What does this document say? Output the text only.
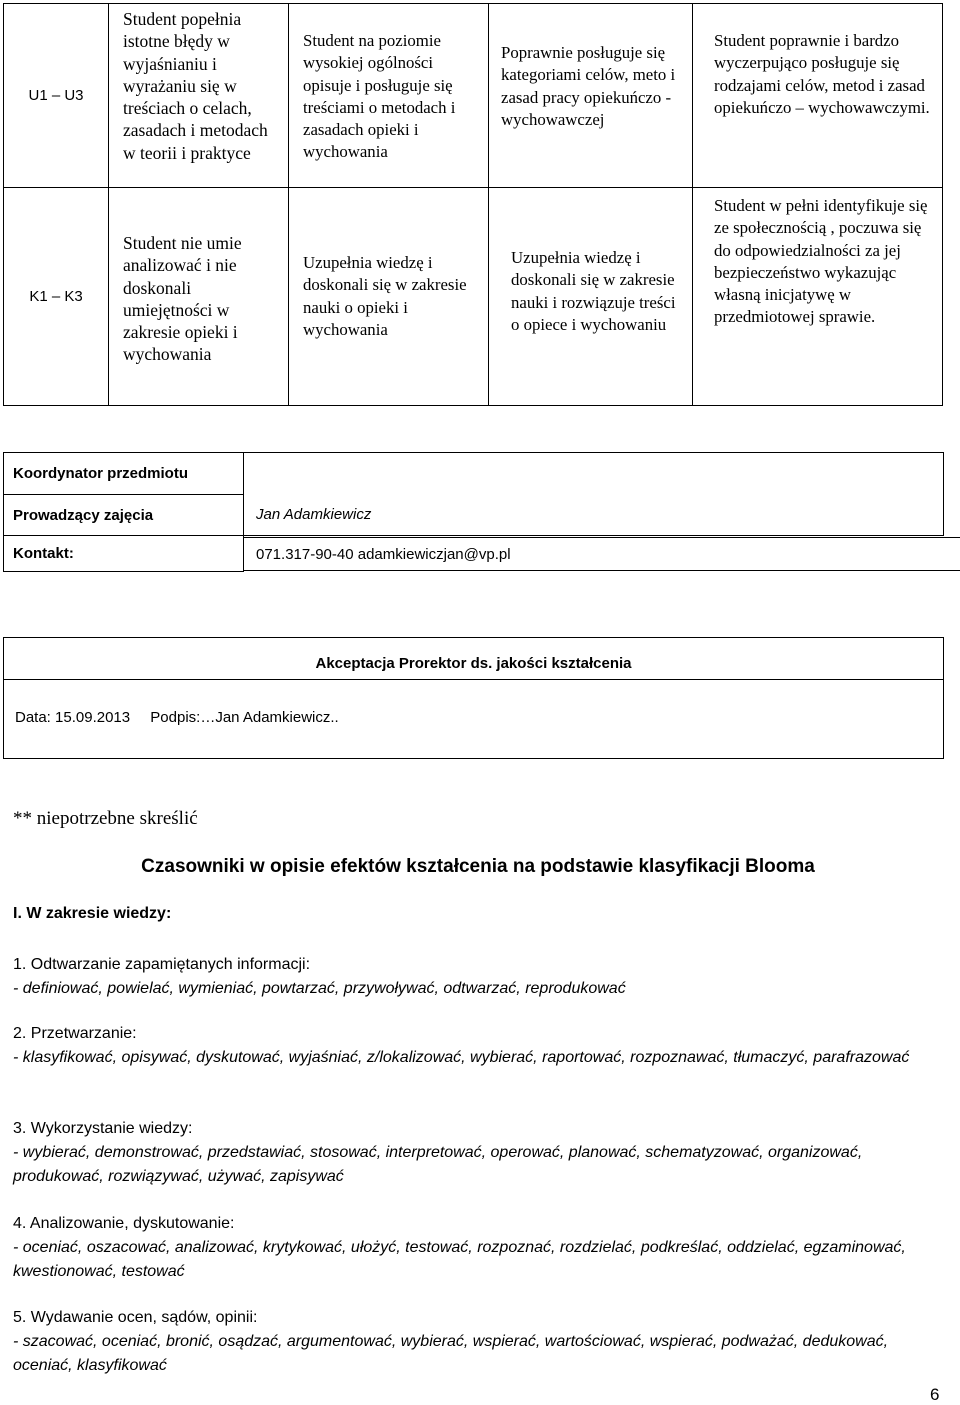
U1 – U3
Student popełnia istotne błędy w wyjaśnianiu i wyrażaniu się w treściach o celach, zasadach i metodach w teorii i praktyce
Student na poziomie wysokiej ogólności opisuje i posługuje się treściami o metodach i zasadach opieki i wychowania
Poprawnie posługuje się kategoriami celów, meto i zasad pracy opiekuńczo - wychowawczej
Student poprawnie i bardzo wyczerpująco posługuje się rodzajami celów, metod i zasad opiekuńczo – wychowawczymi.
K1 – K3
Student nie umie analizować i nie doskonali umiejętności w zakresie opieki i wychowania
Uzupełnia wiedzę i doskonali się w zakresie nauki o opieki i wychowania
Uzupełnia wiedzę i doskonali się w zakresie nauki i rozwiązuje treści o opiece i wychowaniu
Student w pełni identyfikuje się ze społecznością , poczuwa się do odpowiedzialności za jej bezpieczeństwo wykazując własną inicjatywę w przedmiotowej sprawie.
Koordynator przedmiotu
Prowadzący zajęcia
Kontakt:
Jan Adamkiewicz
071.317-90-40 adamkiewiczjan@vp.pl
Akceptacja Prorektor ds. jakości kształcenia
Data: 15.09.2013 Podpis:…Jan Adamkiewicz..
** niepotrzebne skreślić
Czasowniki w opisie efektów kształcenia na podstawie klasyfikacji Blooma
I. W zakresie wiedzy:
1. Odtwarzanie zapamiętanych informacji:
- definiować, powielać, wymieniać, powtarzać, przywoływać, odtwarzać, reprodukować
2. Przetwarzanie:
- klasyfikować, opisywać, dyskutować, wyjaśniać, z/lokalizować, wybierać, raportować, rozpoznawać, tłumaczyć, parafrazować
3. Wykorzystanie wiedzy:
- wybierać, demonstrować, przedstawiać, stosować, interpretować, operować, planować, schematyzować, organizować, produkować, rozwiązywać, używać, zapisywać
4. Analizowanie, dyskutowanie:
- oceniać, oszacować, analizować, krytykować, ułożyć, testować, rozpoznać, rozdzielać, podkreślać, oddzielać, egzaminować, kwestionować, testować
5. Wydawanie ocen, sądów, opinii:
- szacować, oceniać, bronić, osądzać, argumentować, wybierać, wspierać, wartościować, wspierać, podważać, dedukować, oceniać, klasyfikować
6
